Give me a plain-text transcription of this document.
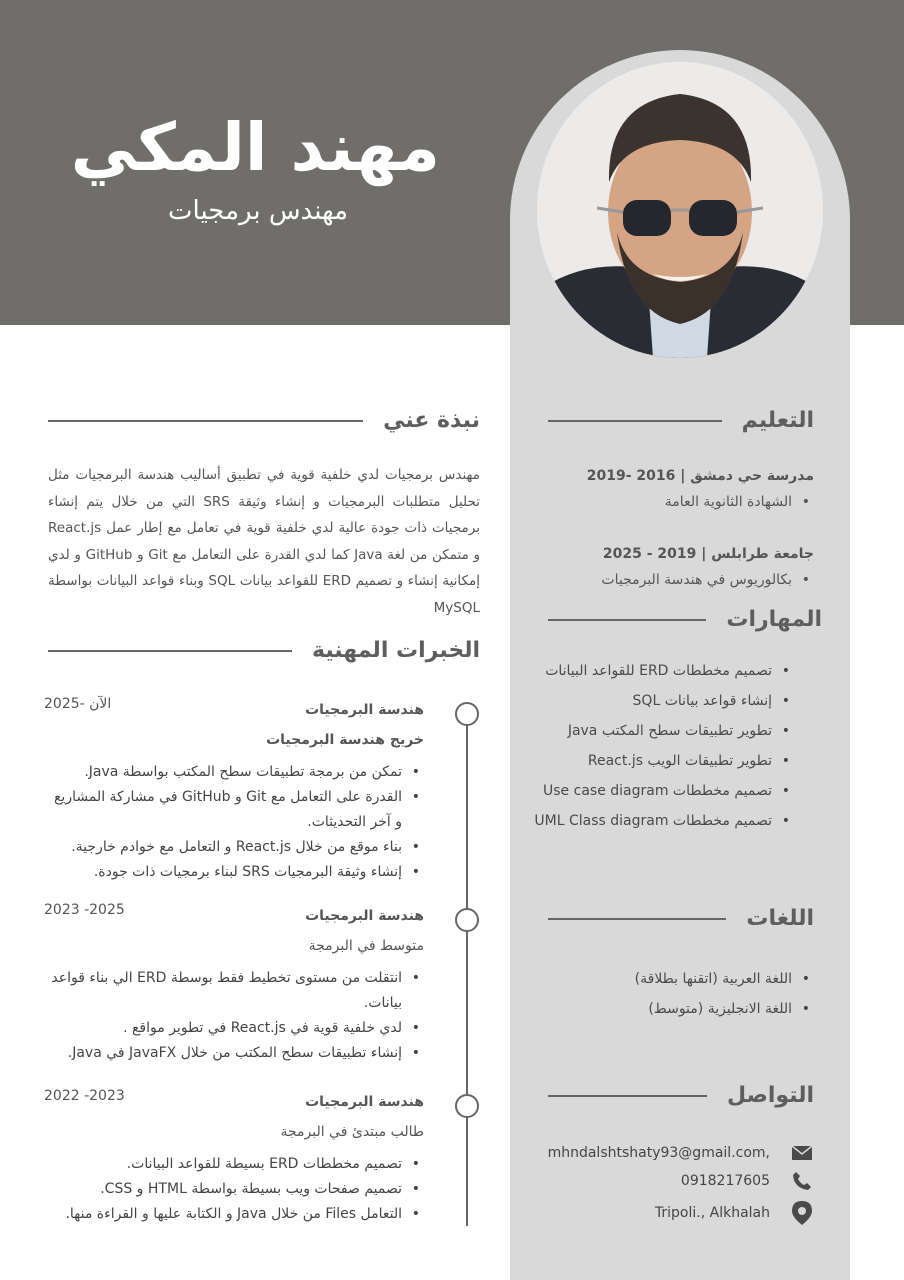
مهند المكي

مهندس برمجيات

التعليم
مدرسة حي دمشق | 2016 -2019
• الشهادة الثانوية العامة
جامعة طرابلس | 2019 - 2025
• بكالوريوس في هندسة البرمجيات
المهارات
• تصميم مخططات ERD للقواعد البيانات
• إنشاء قواعد بيانات SQL
• تطوير تطبيقات سطح المكتب Java
• تطوير تطبيقات الويب React.js
• تصميم مخططات Use case diagram
• تصميم مخططات UML Class diagram
اللغات
• اللغة العربية (اتقنها بطلاقة)
• اللغة الانجليزية (متوسط)
التواصل
mhndalshtshaty93@gmail.com,
0918217605
Tripoli., Alkhalah
نبذة عني

مهندس برمجيات لدي خلفية قوية في تطبيق أساليب هندسة البرمجيات مثل تحليل متطلبات البرمجيات و إنشاء وثيقة SRS التي من خلال يتم إنشاء برمجيات ذات جودة عالية لدي خلفية قوية في تعامل مع إطار عمل React.js و متمكن من لغة Java كما لدي القدرة على التعامل مع Git و GitHub و لدي إمكانية إنشاء و تصميم ERD للقواعد بيانات SQL وبناء قواعد البيانات بواسطة MySQL

الخبرات المهنية
2025- الآن	هندسة البرمجيات
خريج هندسة البرمجيات
• تمكن من برمجة تطبيقات سطح المكتب بواسطة Java.
• القدرة على التعامل مع Git و GitHub في مشاركة المشاريع و آخر التحديثات.
• بناء موقع من خلال React.js و التعامل مع خوادم خارجية.
• إنشاء وثيقة البرمجيات SRS لبناء برمجيات ذات جودة.
2023 -2025	هندسة البرمجيات
متوسط في البرمجة
• انتقلت من مستوى تخطيط فقط بوسطة ERD الي بناء قواعد بيانات.
• لدي خلفية قوية في React.js في تطوير مواقع .
• إنشاء تطبيقات سطح المكتب من خلال JavaFX في Java.
2022 -2023	هندسة البرمجيات
طالب مبتدئ في البرمجة
• تصميم مخططات ERD بسيطة للقواعد البيانات.
• تصميم صفحات ويب بسيطة بواسطة HTML و CSS.
• التعامل Files من خلال Java و الكتابة عليها و القراءة منها.
